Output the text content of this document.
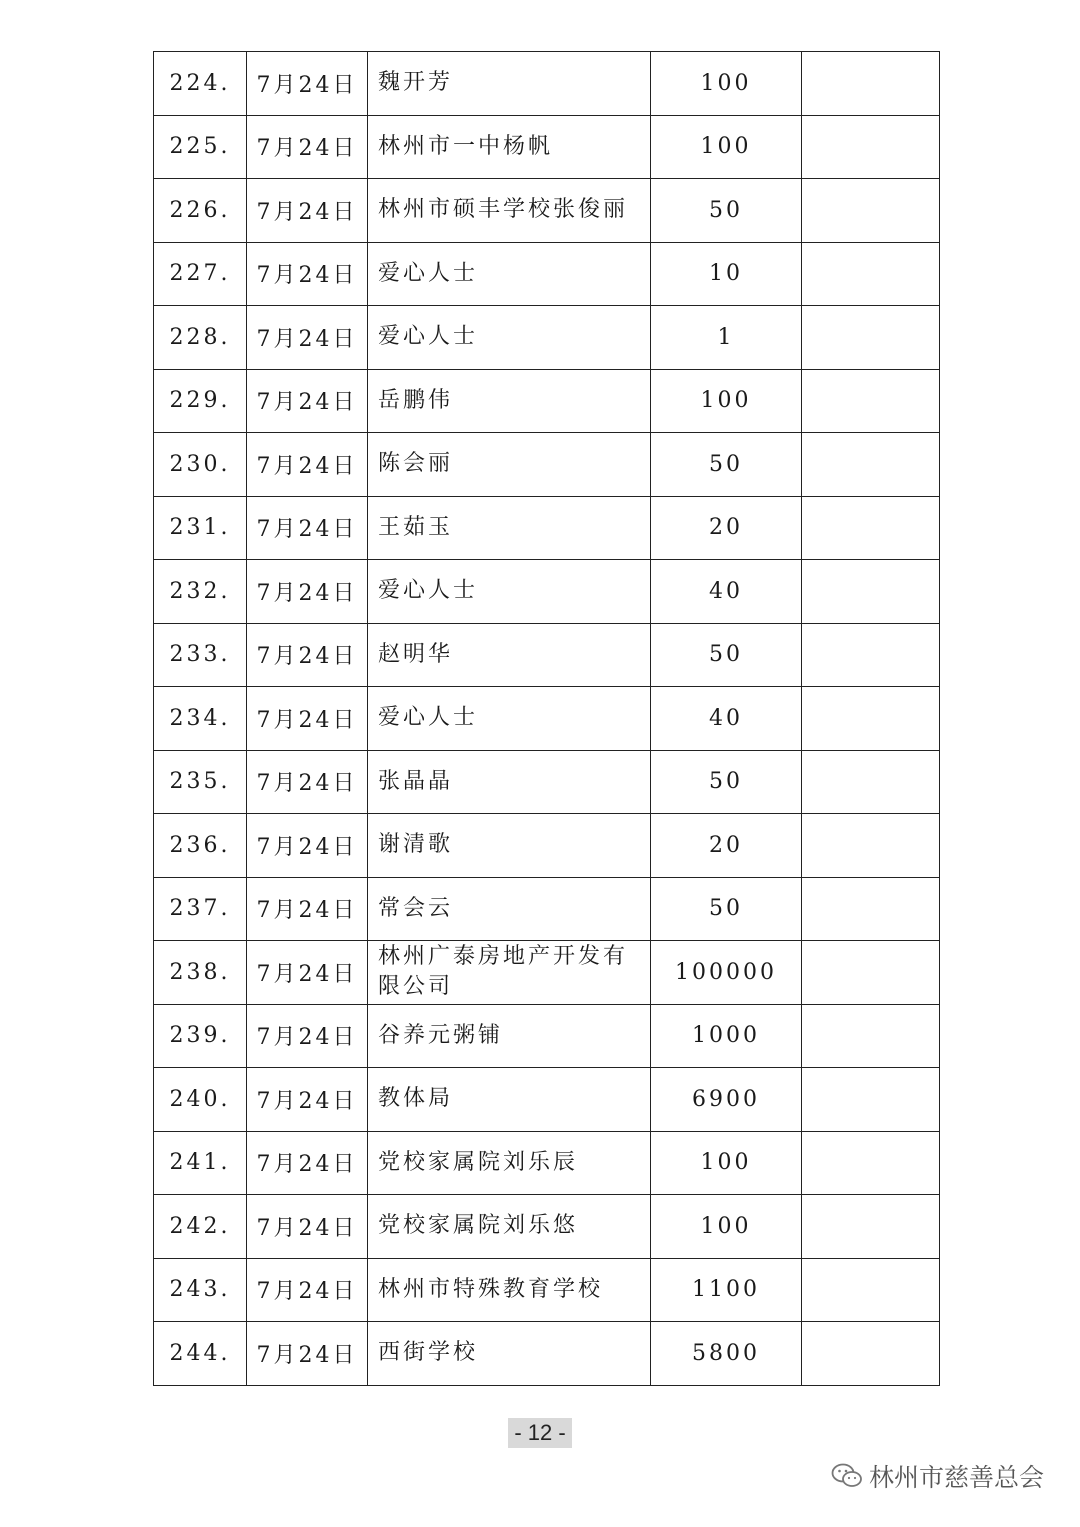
224.	7月24日	魏开芳	100	
225.	7月24日	林州市一中杨帆	100	
226.	7月24日	林州市硕丰学校张俊丽	50	
227.	7月24日	爱心人士	10	
228.	7月24日	爱心人士	1	
229.	7月24日	岳鹏伟	100	
230.	7月24日	陈会丽	50	
231.	7月24日	王茹玉	20	
232.	7月24日	爱心人士	40	
233.	7月24日	赵明华	50	
234.	7月24日	爱心人士	40	
235.	7月24日	张晶晶	50	
236.	7月24日	谢清歌	20	
237.	7月24日	常会云	50	
238.	7月24日	林州广泰房地产开发有限公司	100000	
239.	7月24日	谷养元粥铺	1000	
240.	7月24日	教体局	6900	
241.	7月24日	党校家属院刘乐辰	100	
242.	7月24日	党校家属院刘乐悠	100	
243.	7月24日	林州市特殊教育学校	1100	
244.	7月24日	西街学校	5800	
- 12 -
林州市慈善总会
